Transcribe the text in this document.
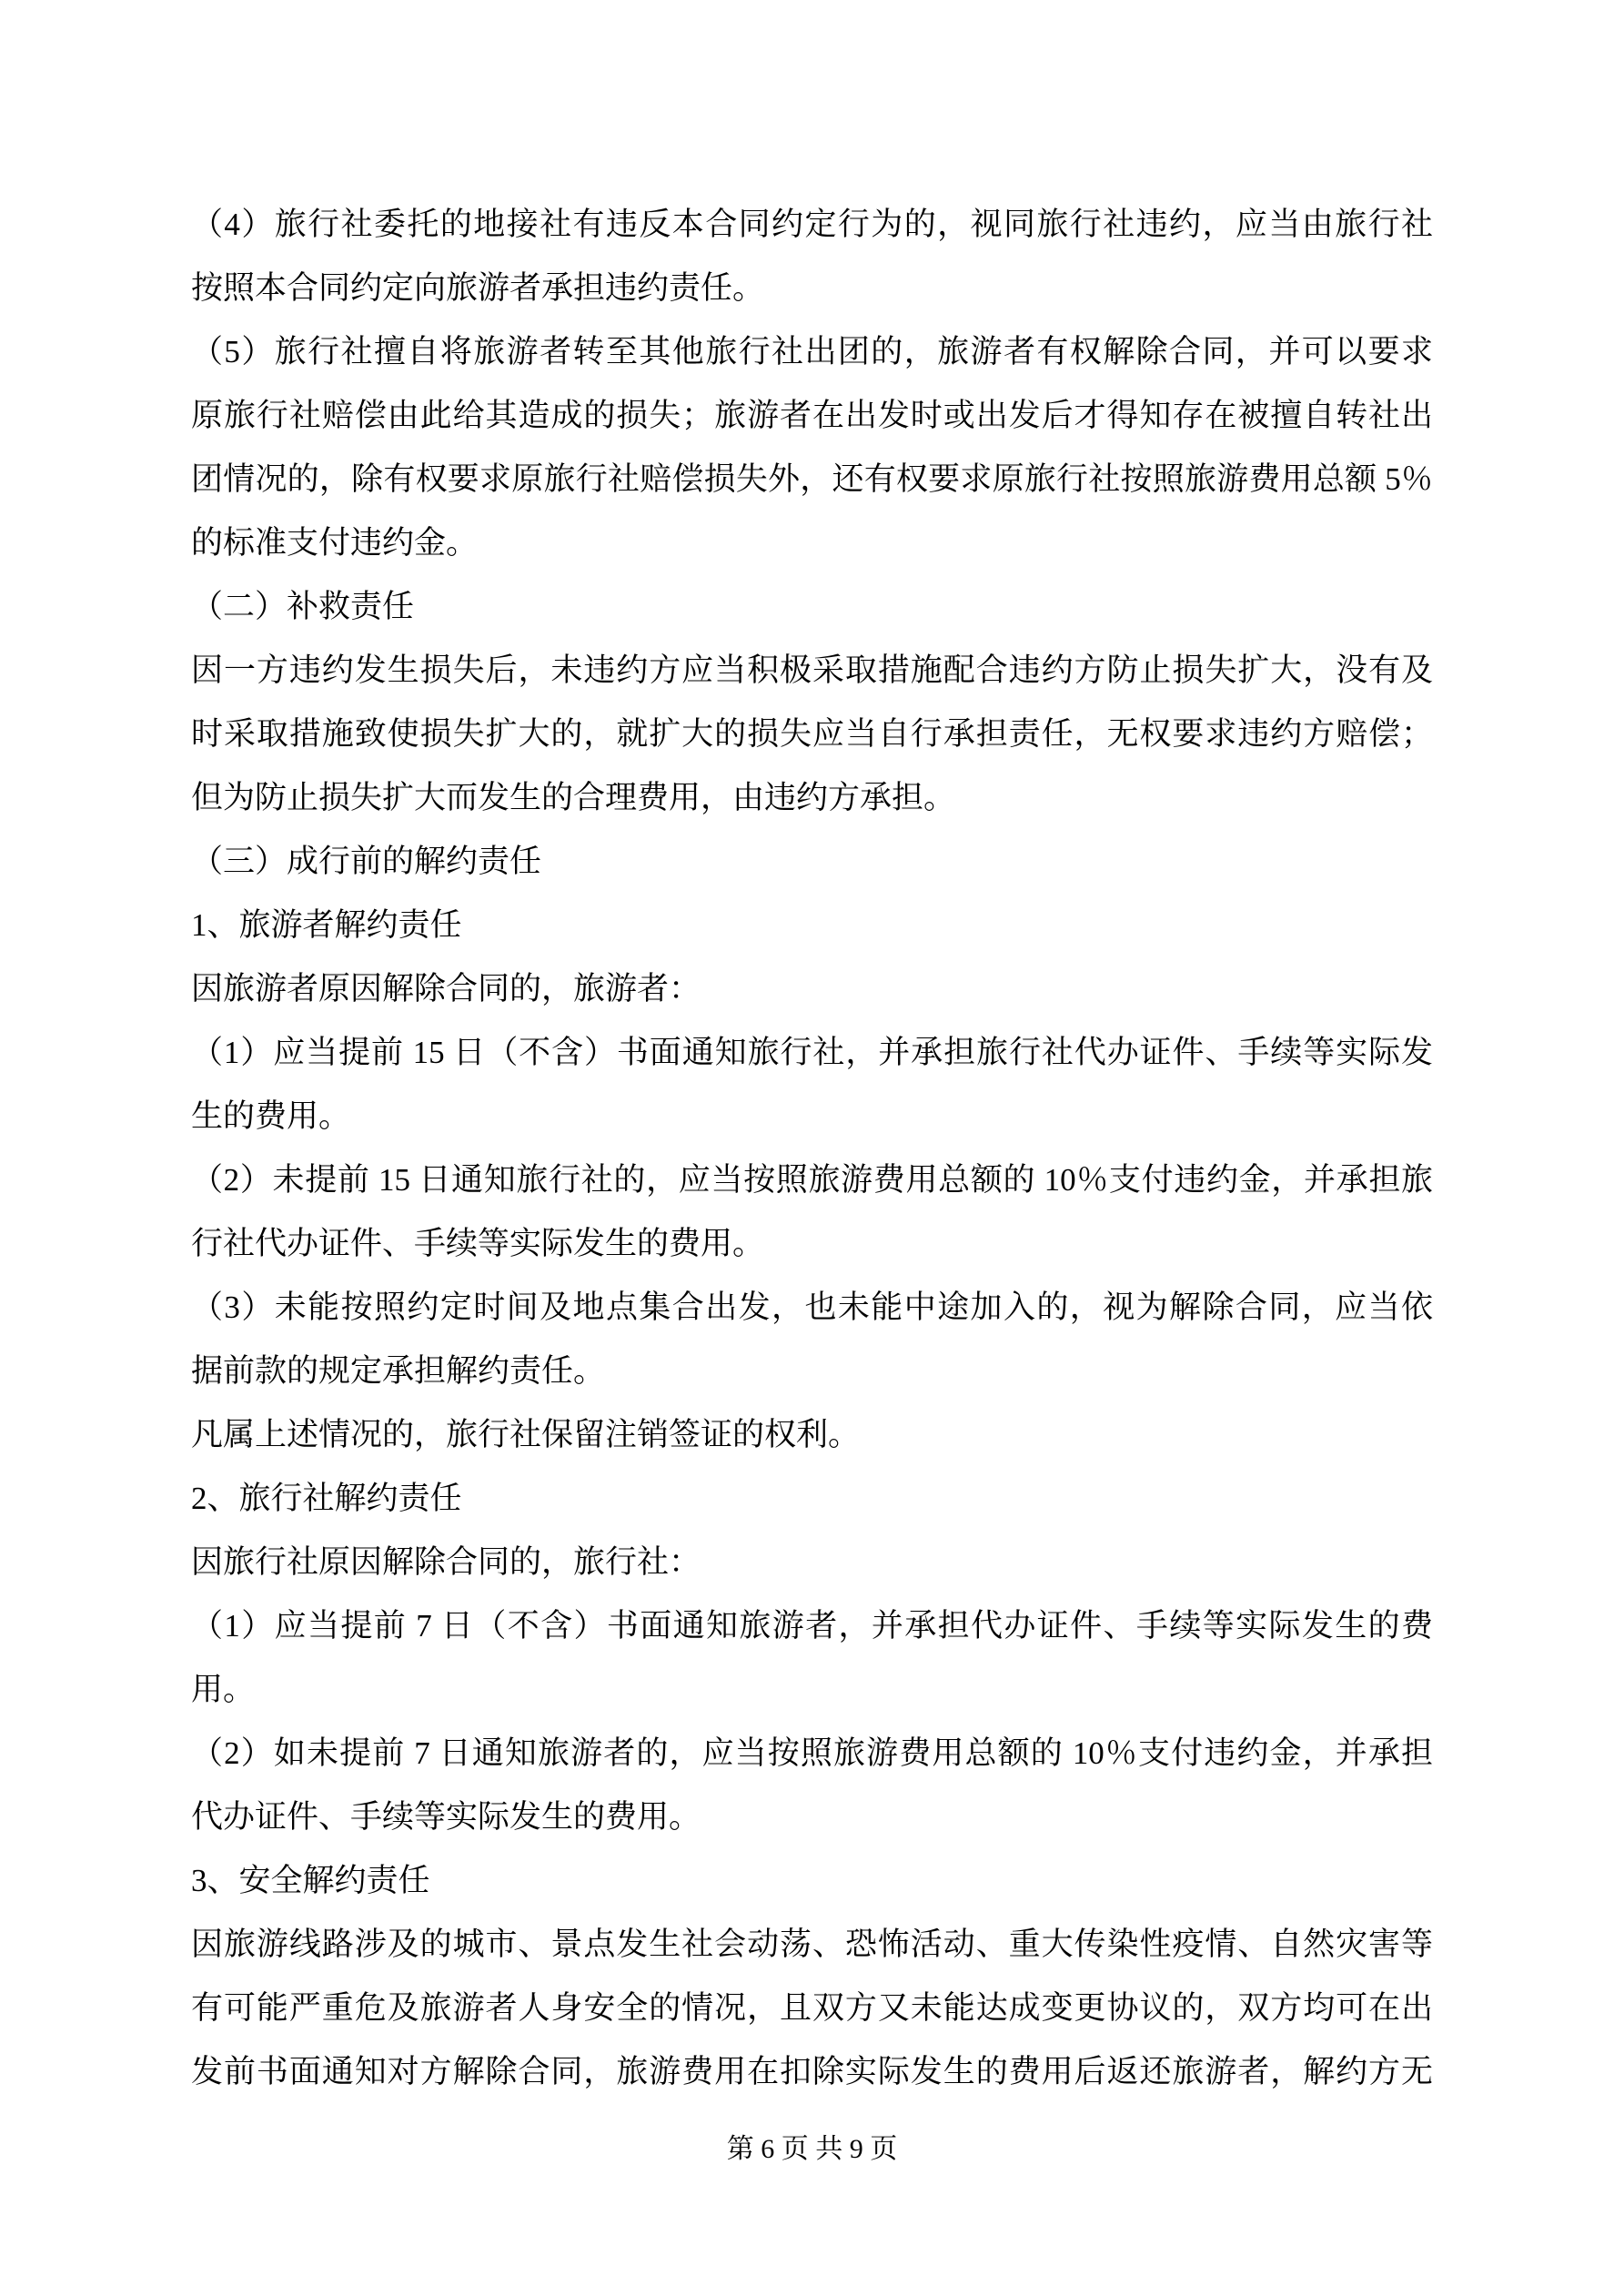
（4）旅行社委托的地接社有违反本合同约定行为的，视同旅行社违约，应当由旅行社
按照本合同约定向旅游者承担违约责任。
（5）旅行社擅自将旅游者转至其他旅行社出团的，旅游者有权解除合同，并可以要求
原旅行社赔偿由此给其造成的损失；旅游者在出发时或出发后才得知存在被擅自转社出
团情况的，除有权要求原旅行社赔偿损失外，还有权要求原旅行社按照旅游费用总额 5％
的标准支付违约金。
（二）补救责任
因一方违约发生损失后，未违约方应当积极采取措施配合违约方防止损失扩大，没有及
时采取措施致使损失扩大的，就扩大的损失应当自行承担责任，无权要求违约方赔偿；
但为防止损失扩大而发生的合理费用，由违约方承担。
（三）成行前的解约责任
1、旅游者解约责任
因旅游者原因解除合同的，旅游者：
（1）应当提前 15 日（不含）书面通知旅行社，并承担旅行社代办证件、手续等实际发
生的费用。
（2）未提前 15 日通知旅行社的，应当按照旅游费用总额的 10％支付违约金，并承担旅
行社代办证件、手续等实际发生的费用。
（3）未能按照约定时间及地点集合出发，也未能中途加入的，视为解除合同，应当依
据前款的规定承担解约责任。
凡属上述情况的，旅行社保留注销签证的权利。
2、旅行社解约责任
因旅行社原因解除合同的，旅行社：
（1）应当提前 7 日（不含）书面通知旅游者，并承担代办证件、手续等实际发生的费
用。
（2）如未提前 7 日通知旅游者的，应当按照旅游费用总额的 10％支付违约金，并承担
代办证件、手续等实际发生的费用。
3、安全解约责任
因旅游线路涉及的城市、景点发生社会动荡、恐怖活动、重大传染性疫情、自然灾害等
有可能严重危及旅游者人身安全的情况，且双方又未能达成变更协议的，双方均可在出
发前书面通知对方解除合同，旅游费用在扣除实际发生的费用后返还旅游者，解约方无
第 6 页 共 9 页
